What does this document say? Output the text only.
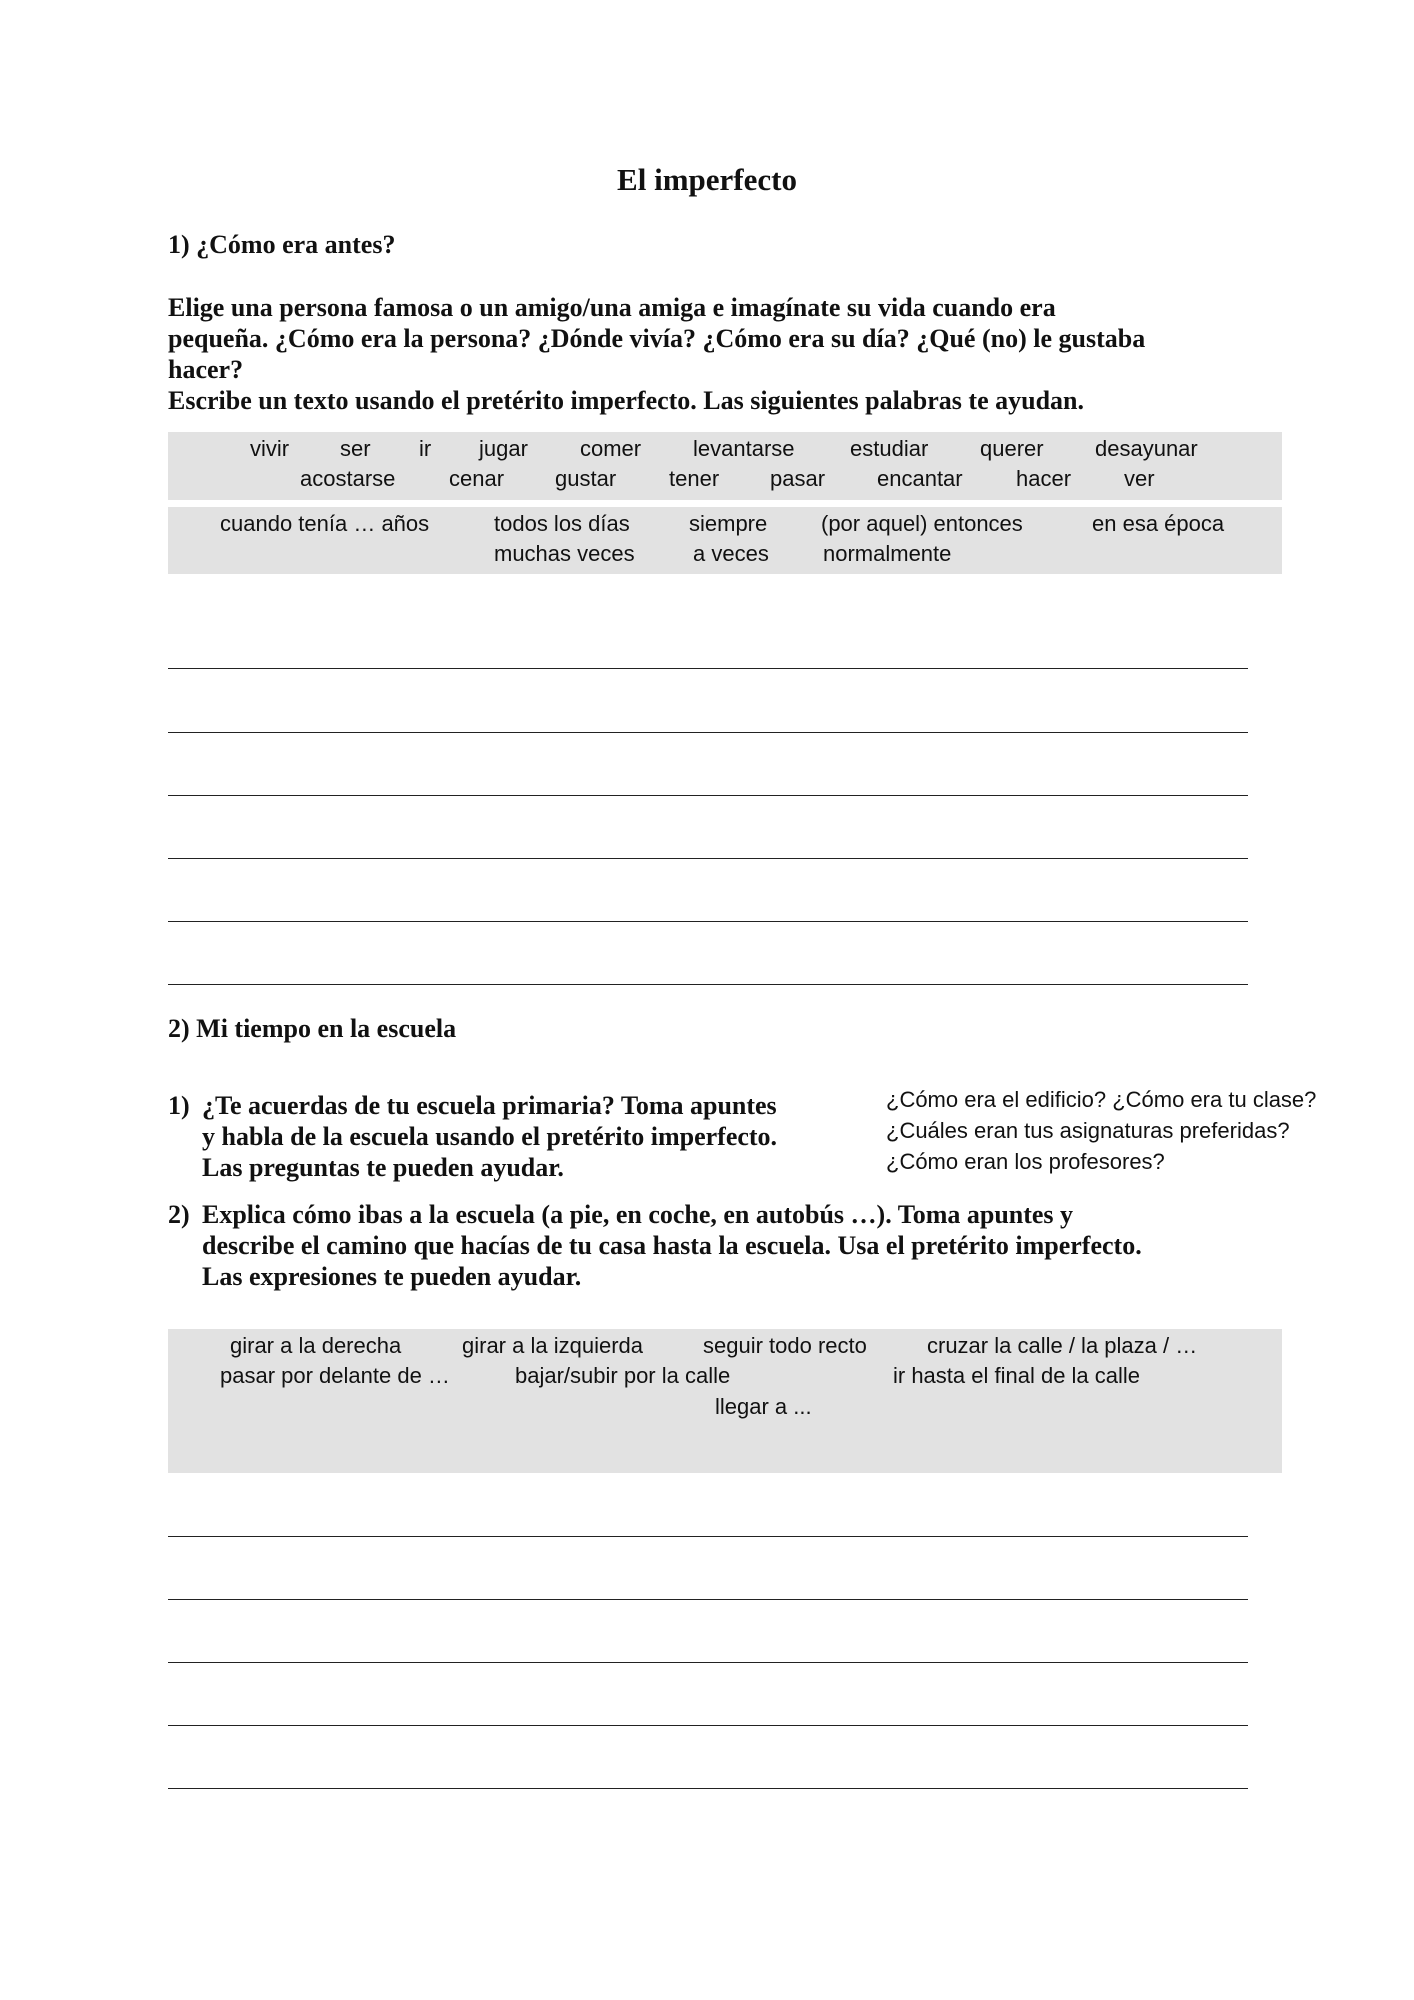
El imperfecto
1) ¿Cómo era antes?

Elige una persona famosa o un amigo/una amiga e imagínate su vida cuando era

pequeña. ¿Cómo era la persona? ¿Dónde vivía? ¿Cómo era su día? ¿Qué (no) le gustaba

hacer?

Escribe un texto usando el pretérito imperfecto. Las siguientes palabras te ayudan.

vivir ser ir jugar comer levantarse	estudiar querer desayunar
acostarse cenar gustar tener pasar encantar hacer ver
cuando tenía … años	todos los días	siempre (por aquel) entonces	en esa época
muchas veces	a veces normalmente
2) Mi tiempo en la escuela
1) ¿Te acuerdas de tu escuela primaria? Toma apuntes
y habla de la escuela usando el pretérito imperfecto.
Las preguntas te pueden ayudar.
¿Cómo era el edificio? ¿Cómo era tu clase?
¿Cuáles eran tus asignaturas preferidas?
¿Cómo eran los profesores?
2) Explica cómo ibas a la escuela (a pie, en coche, en autobús …). Toma apuntes y
describe el camino que hacías de tu casa hasta la escuela. Usa el pretérito imperfecto.
Las expresiones te pueden ayudar.
girar a la derecha	girar a la izquierda	seguir todo recto	cruzar la calle / la plaza / …
pasar por delante de …	bajar/subir por la calle	ir hasta el final de la calle
llegar a ...
